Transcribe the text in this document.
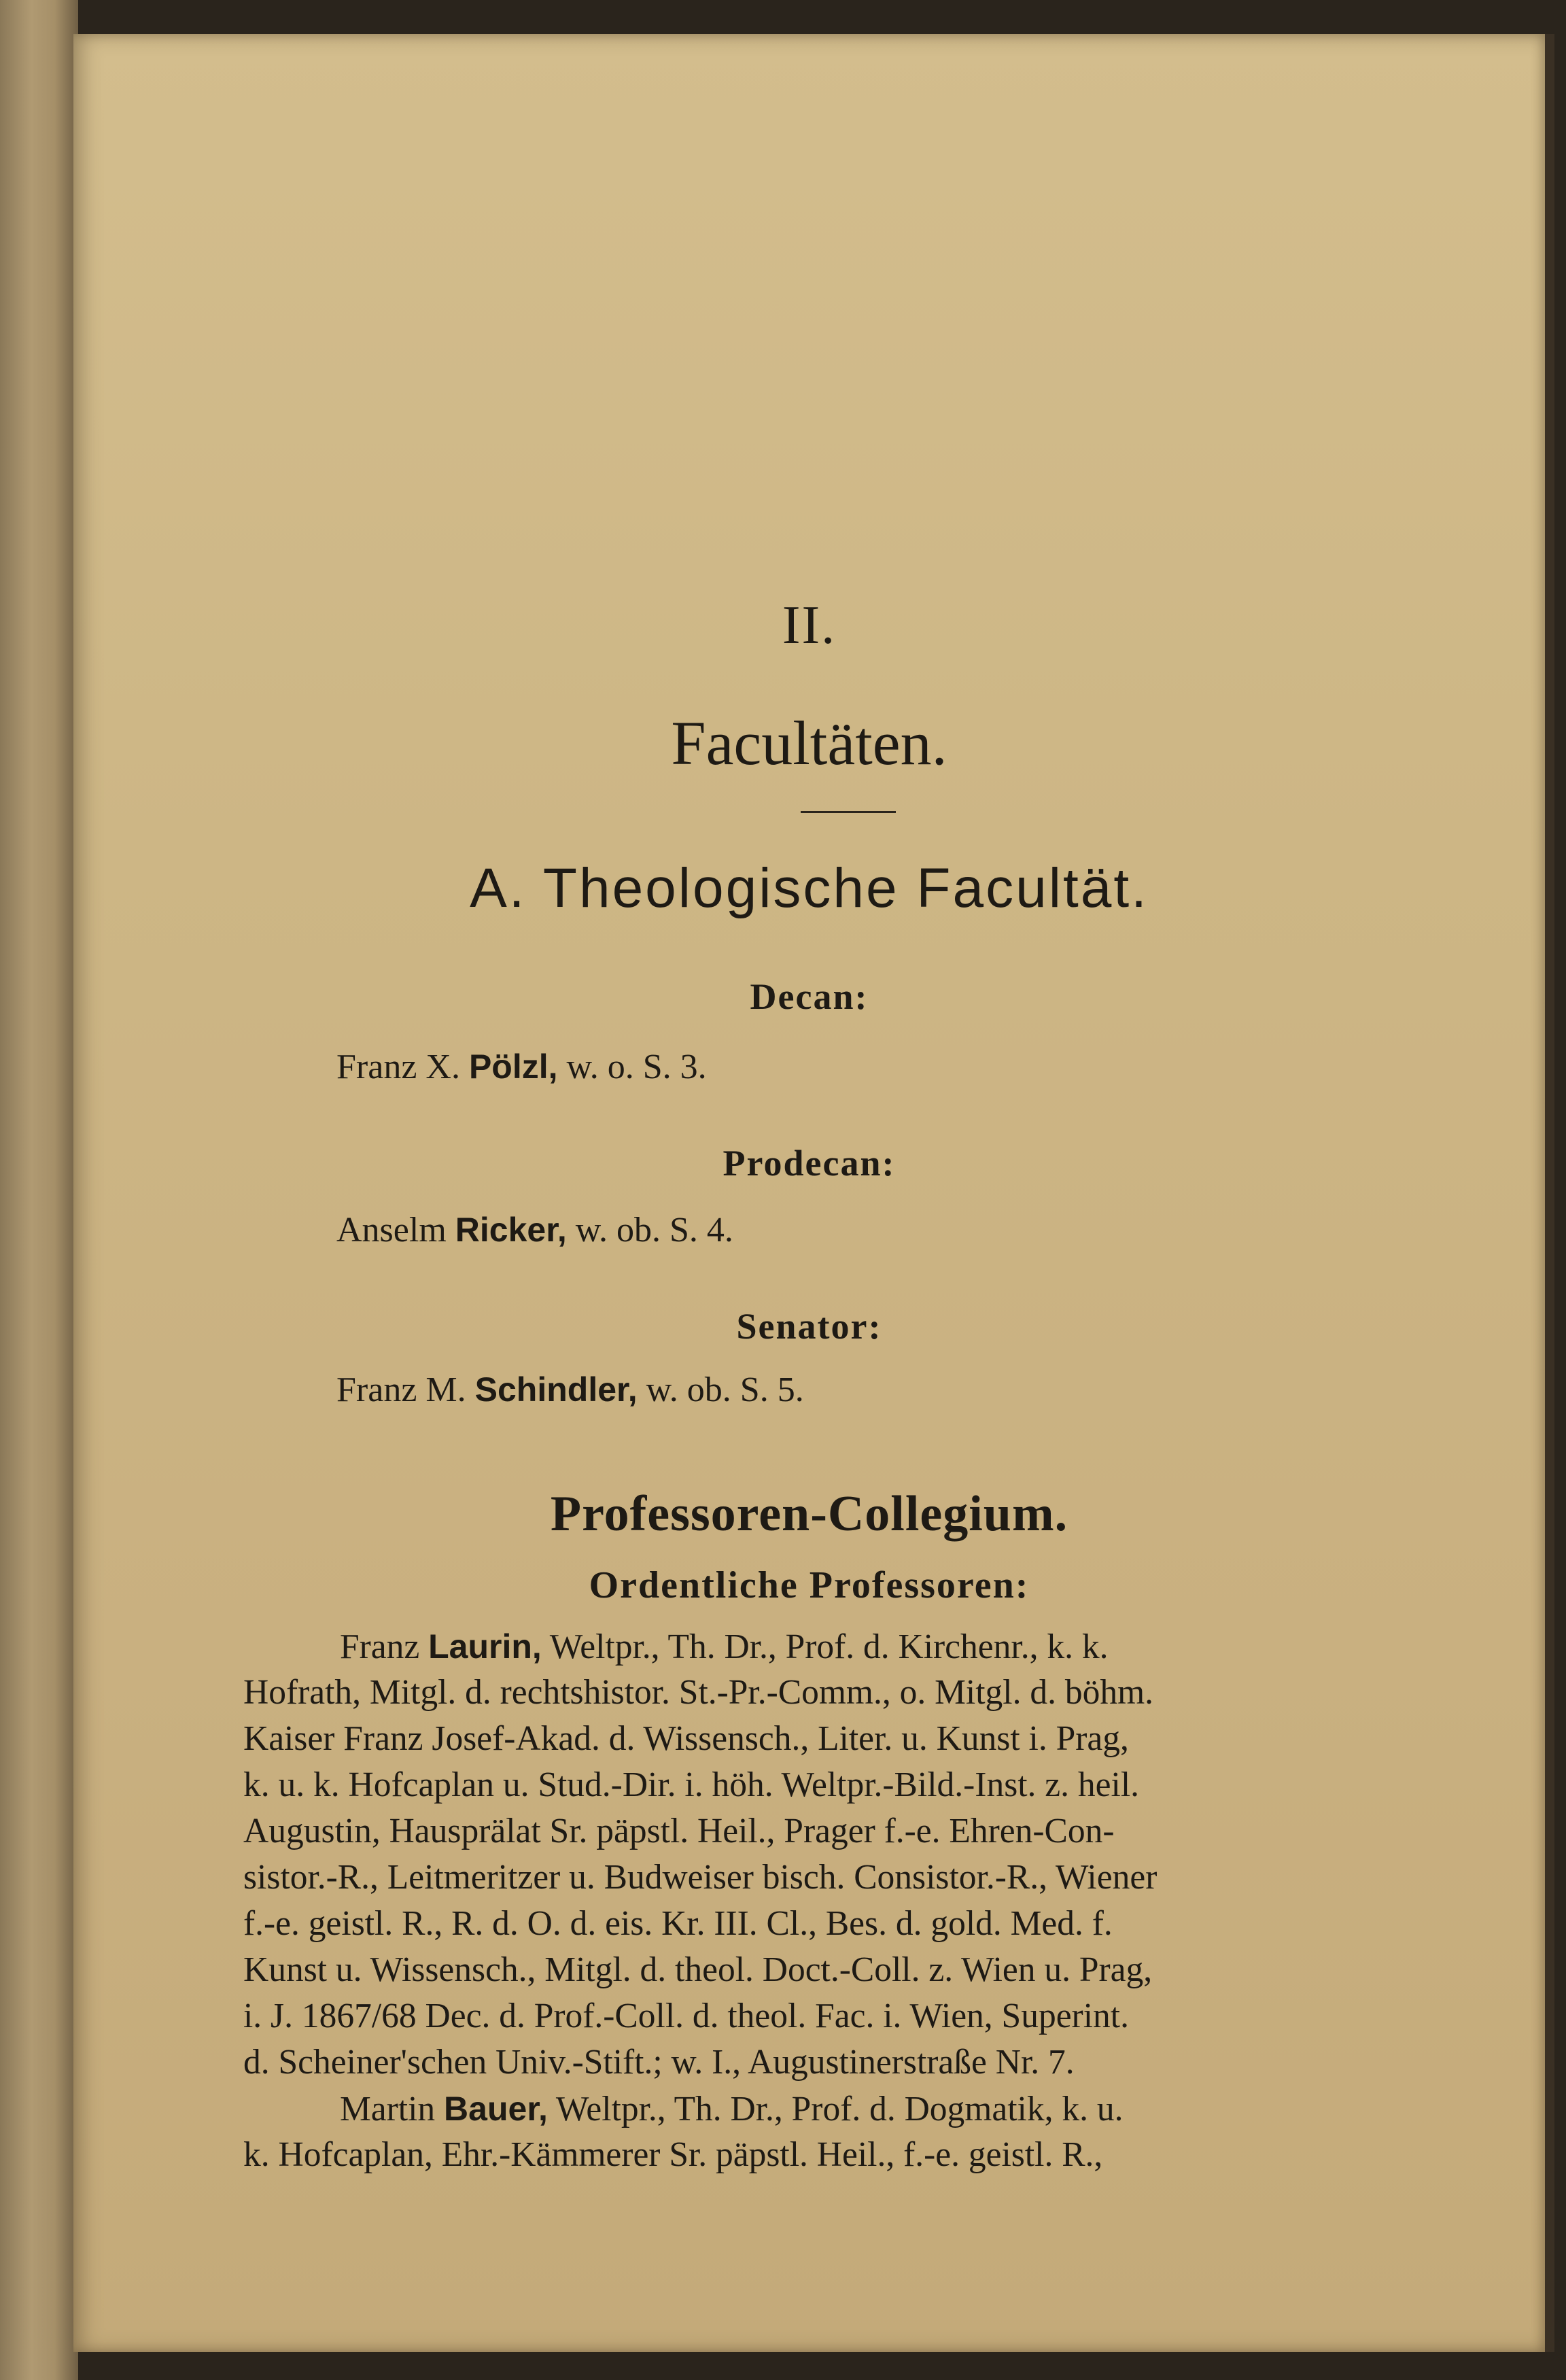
II.
Facultäten.
A. Theologische Facultät.
Decan:
Franz X. Pölzl, w. o. S. 3.
Prodecan:
Anselm Ricker, w. ob. S. 4.
Senator:
Franz M. Schindler, w. ob. S. 5.
Professoren-Collegium.
Ordentliche Professoren:
Franz Laurin, Weltpr., Th. Dr., Prof. d. Kirchenr., k. k.
Hofrath, Mitgl. d. rechtshistor. St.-Pr.-Comm., o. Mitgl. d. böhm.
Kaiser Franz Josef-Akad. d. Wissensch., Liter. u. Kunst i. Prag,
k. u. k. Hofcaplan u. Stud.-Dir. i. höh. Weltpr.-Bild.-Inst. z. heil.
Augustin, Hausprälat Sr. päpstl. Heil., Prager f.-e. Ehren-Con-
sistor.-R., Leitmeritzer u. Budweiser bisch. Consistor.-R., Wiener
f.-e. geistl. R., R. d. O. d. eis. Kr. III. Cl., Bes. d. gold. Med. f.
Kunst u. Wissensch., Mitgl. d. theol. Doct.-Coll. z. Wien u. Prag,
i. J. 1867/68 Dec. d. Prof.-Coll. d. theol. Fac. i. Wien, Superint.
d. Scheiner'schen Univ.-Stift.; w. I., Augustinerstraße Nr. 7.
Martin Bauer, Weltpr., Th. Dr., Prof. d. Dogmatik, k. u.
k. Hofcaplan, Ehr.-Kämmerer Sr. päpstl. Heil., f.-e. geistl. R.,
